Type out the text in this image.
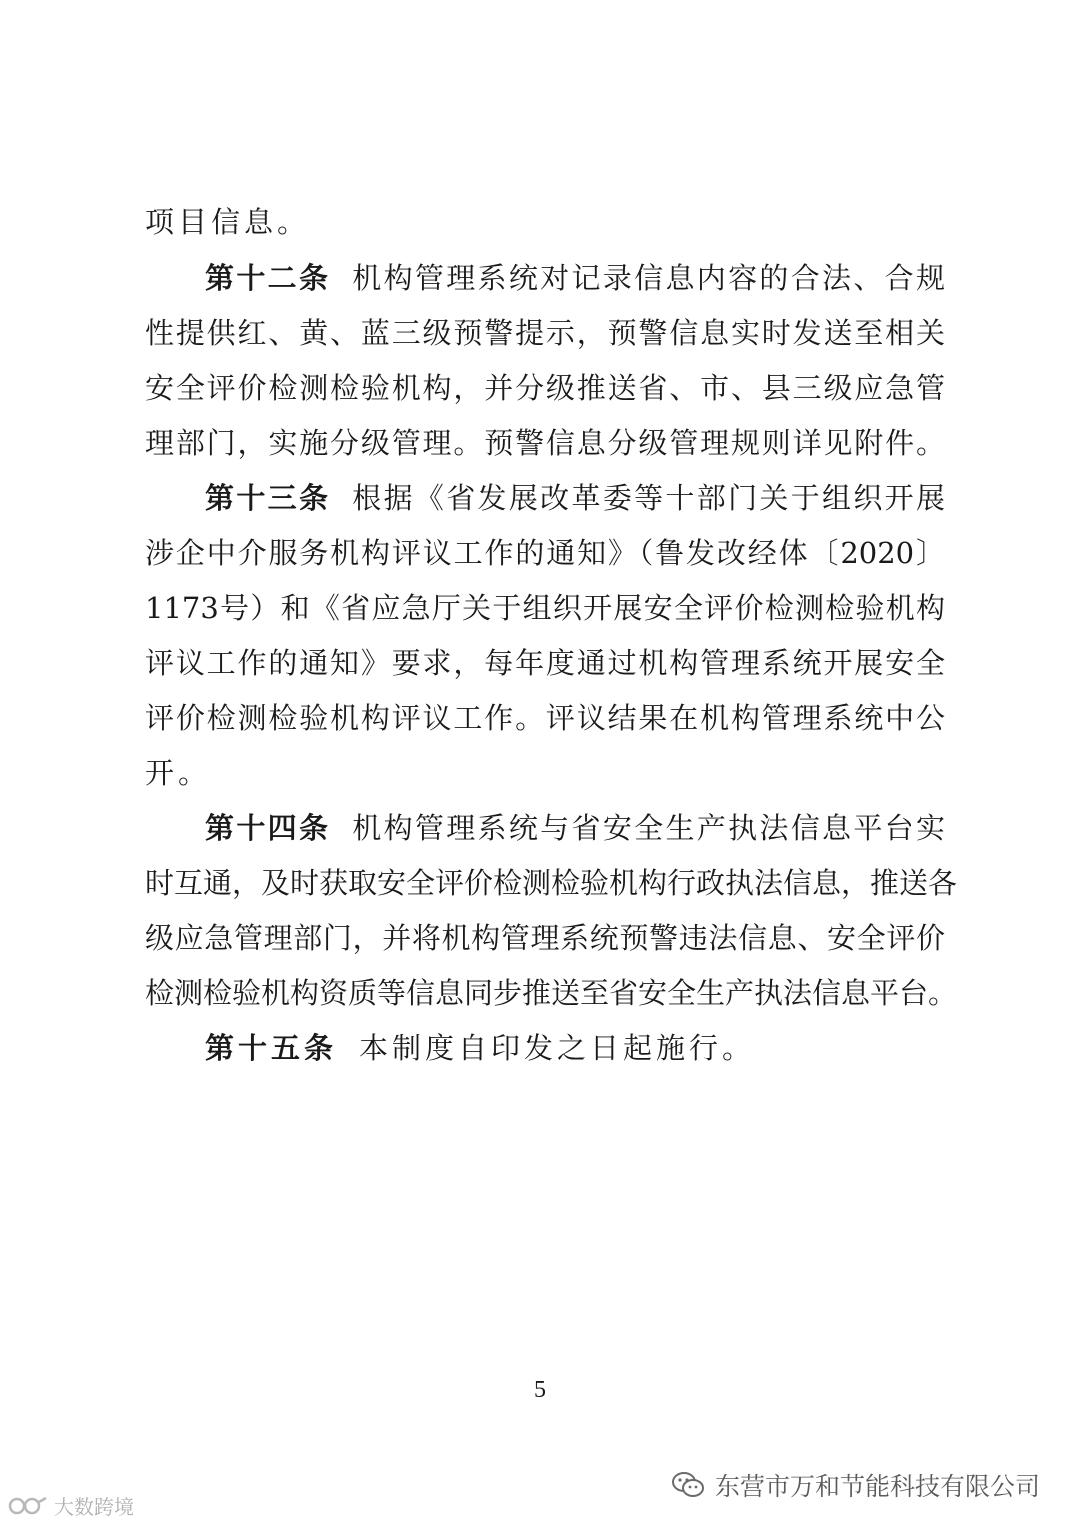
项目信息。
第十二条 机构管理系统对记录信息内容的合法、合规
性提供红、黄、蓝三级预警提示，预警信息实时发送至相关
安全评价检测检验机构，并分级推送省、市、县三级应急管
理部门，实施分级管理。预警信息分级管理规则详见附件。
第十三条 根据《省发展改革委等十部门关于组织开展
涉企中介服务机构评议工作的通知》（鲁发改经体〔2020〕
1173号）和《省应急厅关于组织开展安全评价检测检验机构
评议工作的通知》要求，每年度通过机构管理系统开展安全
评价检测检验机构评议工作。评议结果在机构管理系统中公
开。
第十四条 机构管理系统与省安全生产执法信息平台实
时互通，及时获取安全评价检测检验机构行政执法信息，推送各
级应急管理部门，并将机构管理系统预警违法信息、安全评价
检测检验机构资质等信息同步推送至省安全生产执法信息平台。
第十五条 本制度自印发之日起施行。
5
东营市万和节能科技有限公司
大数跨境
